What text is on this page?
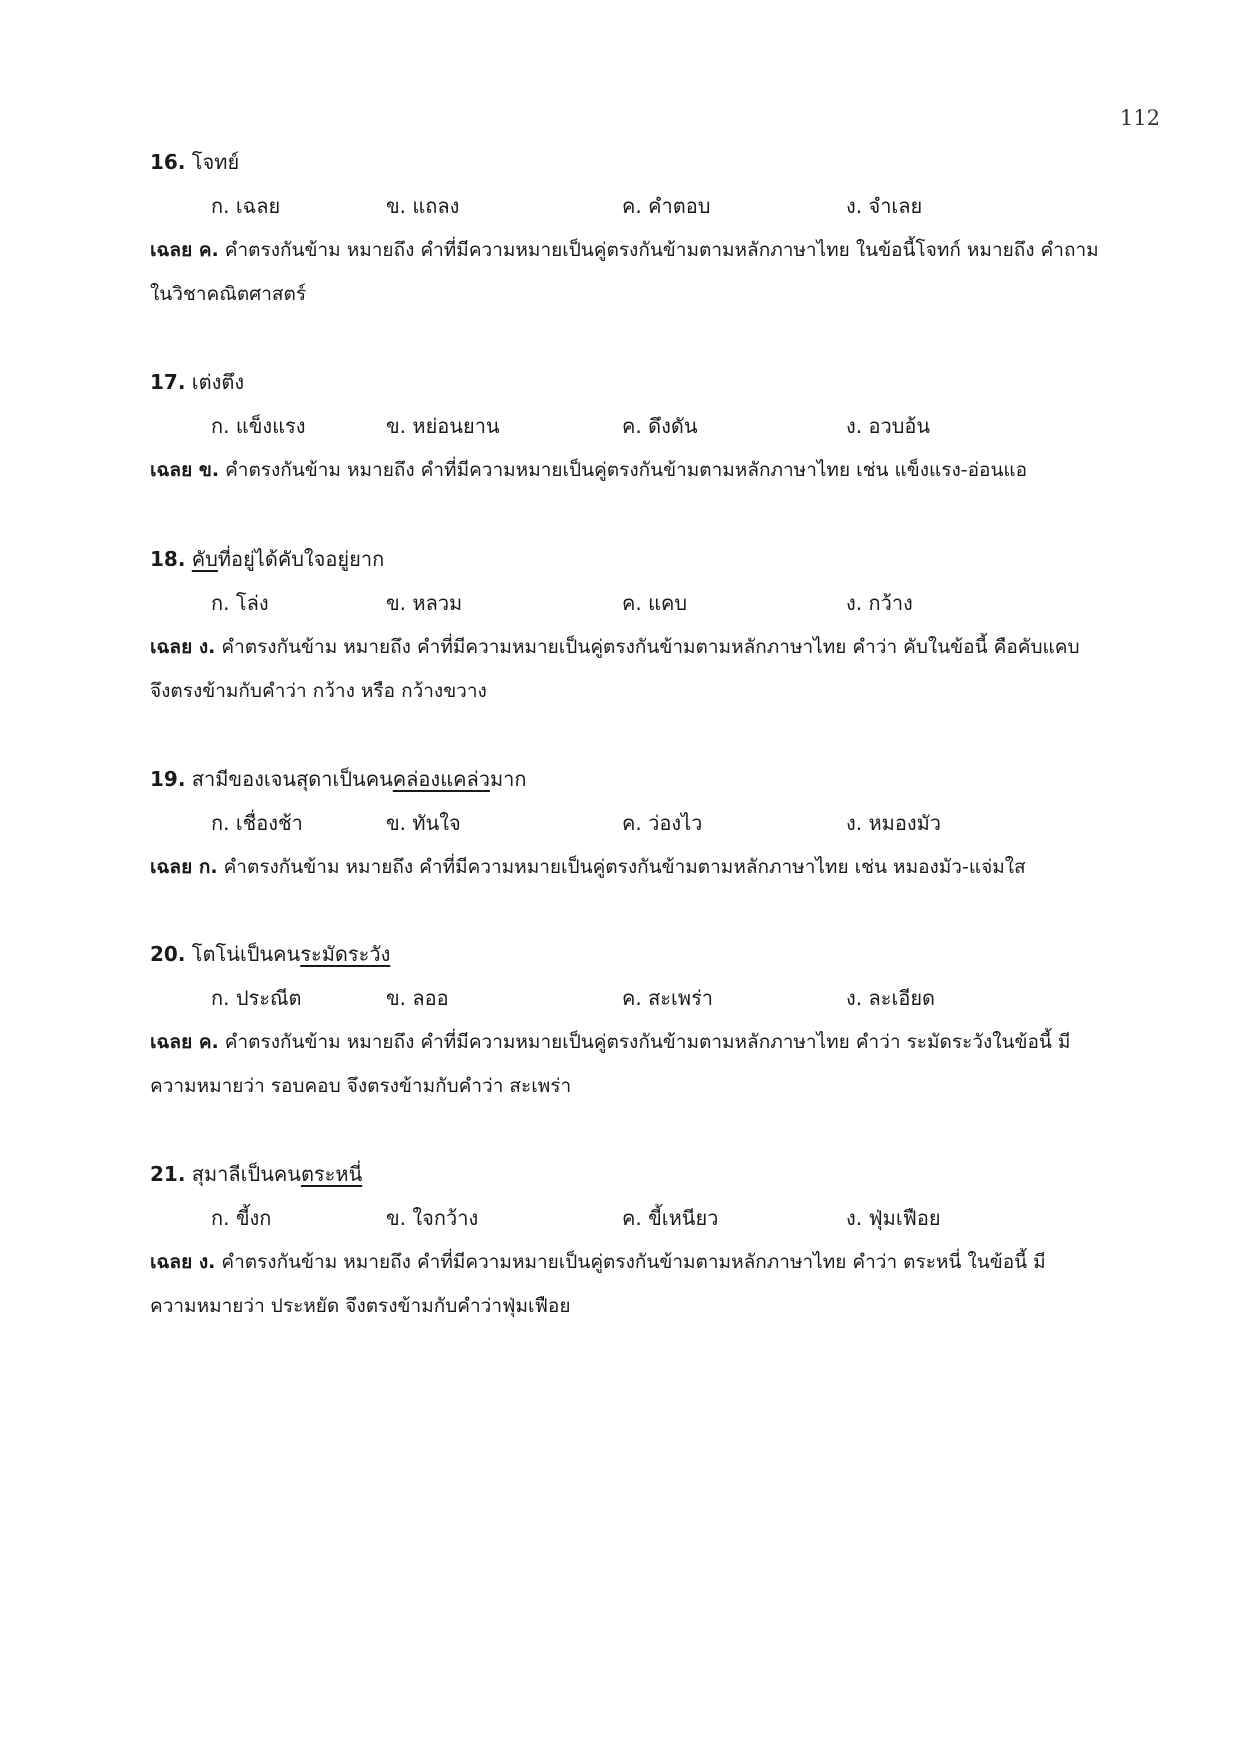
112
16. โจทย์
ก. เฉลย	ข. แถลง	ค. คำตอบ	ง. จำเลย
เฉลย ค. คำตรงกันข้าม หมายถึง คำที่มีความหมายเป็นคู่ตรงกันข้ามตามหลักภาษาไทย ในข้อนี้โจทก์ หมายถึง คำถาม
ในวิชาคณิตศาสตร์
17. เต่งตึง
ก. แข็งแรง	ข. หย่อนยาน	ค. ดึงดัน	ง. อวบอ้น
เฉลย ข. คำตรงกันข้าม หมายถึง คำที่มีความหมายเป็นคู่ตรงกันข้ามตามหลักภาษาไทย เช่น แข็งแรง-อ่อนแอ
18. คับที่อยู่ได้คับใจอยู่ยาก
ก. โล่ง	ข. หลวม	ค. แคบ	ง. กว้าง
เฉลย ง. คำตรงกันข้าม หมายถึง คำที่มีความหมายเป็นคู่ตรงกันข้ามตามหลักภาษาไทย คำว่า คับในข้อนี้ คือคับแคบ
จึงตรงข้ามกับคำว่า กว้าง หรือ กว้างขวาง
19. สามีของเจนสุดาเป็นคนคล่องแคล่วมาก
ก. เชื่องช้า	ข. ทันใจ	ค. ว่องไว	ง. หมองมัว
เฉลย ก. คำตรงกันข้าม หมายถึง คำที่มีความหมายเป็นคู่ตรงกันข้ามตามหลักภาษาไทย เช่น หมองมัว-แจ่มใส
20. โตโน่เป็นคนระมัดระวัง
ก. ประณีต	ข. ลออ	ค. สะเพร่า	ง. ละเอียด
เฉลย ค. คำตรงกันข้าม หมายถึง คำที่มีความหมายเป็นคู่ตรงกันข้ามตามหลักภาษาไทย คำว่า ระมัดระวังในข้อนี้ มี
ความหมายว่า รอบคอบ จึงตรงข้ามกับคำว่า สะเพร่า
21. สุมาลีเป็นคนตระหนี่
ก. ขี้งก	ข. ใจกว้าง	ค. ขี้เหนียว	ง. ฟุ่มเฟือย
เฉลย ง. คำตรงกันข้าม หมายถึง คำที่มีความหมายเป็นคู่ตรงกันข้ามตามหลักภาษาไทย คำว่า ตระหนี่ ในข้อนี้ มี
ความหมายว่า ประหยัด จึงตรงข้ามกับคำว่าฟุ่มเฟือย
